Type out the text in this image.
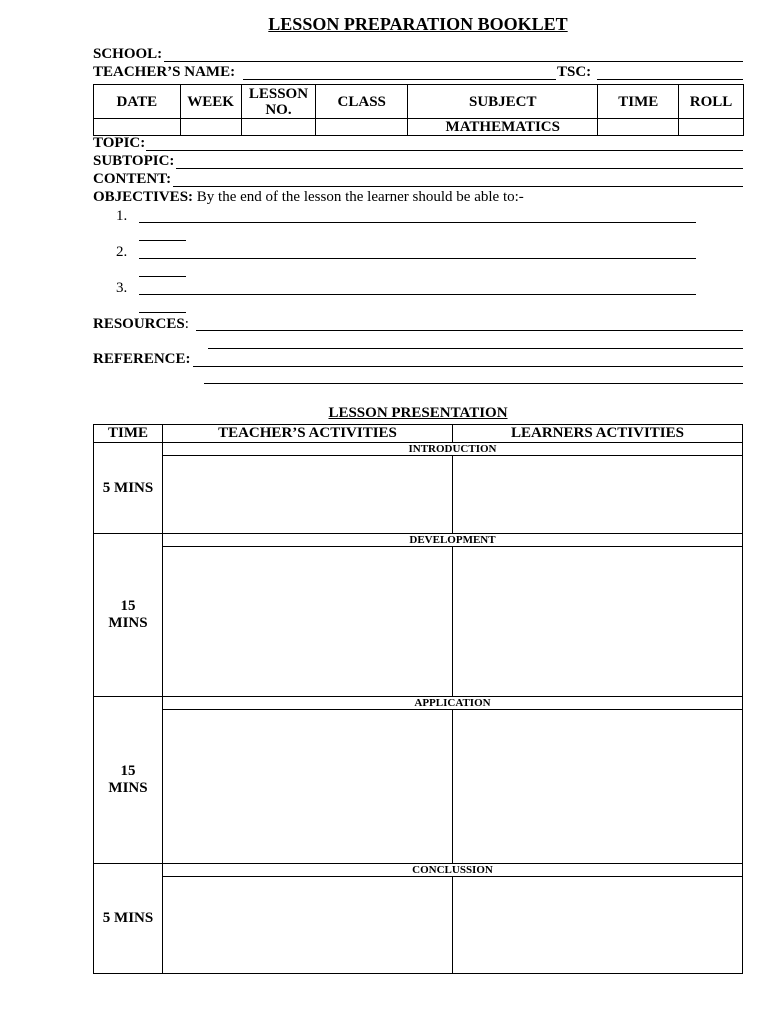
LESSON PREPARATION BOOKLET
SCHOOL:
TEACHER’S NAME:	TSC:
DATE	WEEK	LESSON NO.	CLASS	SUBJECT	TIME	ROLL
				MATHEMATICS		
TOPIC:
SUBTOPIC:
CONTENT:
OBJECTIVES: By the end of the lesson the learner should be able to:-
1.
2.
3.
RESOURCES:
REFERENCE:
LESSON PRESENTATION
TIME	TEACHER’S ACTIVITIES	LEARNERS ACTIVITIES
5 MINS	INTRODUCTION	

15 MINS	DEVELOPMENT	

15 MINS	APPLICATION	

5 MINS	CONCLUSSION	
